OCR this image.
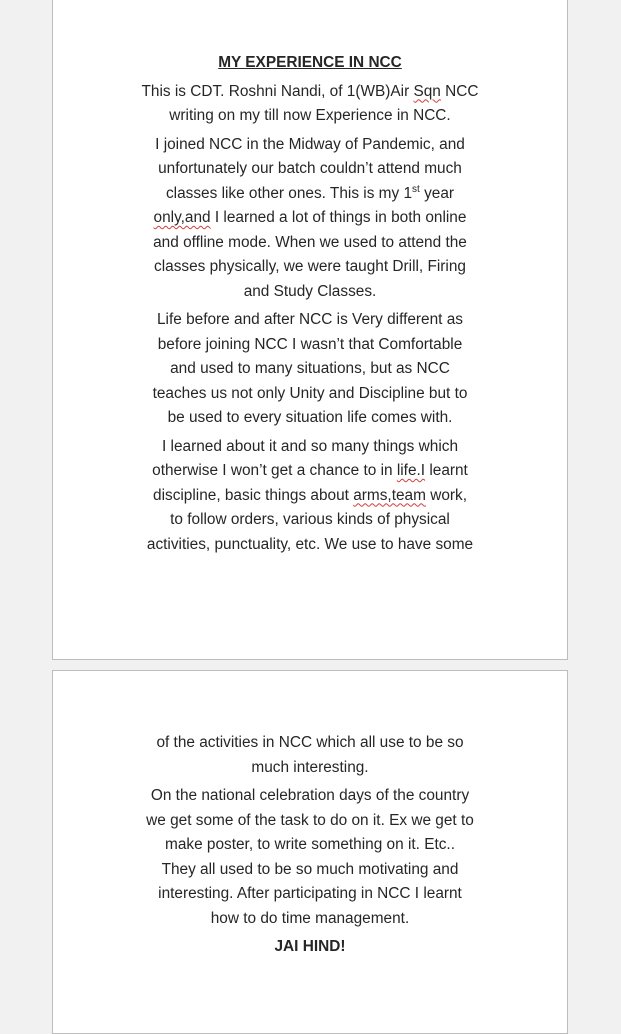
MY EXPERIENCE IN NCC
This is CDT. Roshni Nandi, of 1(WB)Air Sqn NCC
writing on my till now Experience in NCC.
I joined NCC in the Midway of Pandemic, and
unfortunately our batch couldn’t attend much
classes like other ones. This is my 1st year
only,and I learned a lot of things in both online
and offline mode. When we used to attend the
classes physically, we were taught Drill, Firing
and Study Classes.
Life before and after NCC is Very different as
before joining NCC I wasn’t that Comfortable
and used to many situations, but as NCC
teaches us not only Unity and Discipline but to
be used to every situation life comes with.
I learned about it and so many things which
otherwise I won’t get a chance to in life.I learnt
discipline, basic things about arms,team work,
to follow orders, various kinds of physical
activities, punctuality, etc. We use to have some
of the activities in NCC which all use to be so
much interesting.
On the national celebration days of the country
we get some of the task to do on it. Ex we get to
make poster, to write something on it. Etc..
They all used to be so much motivating and
interesting. After participating in NCC I learnt
how to do time management.
JAI HIND!
